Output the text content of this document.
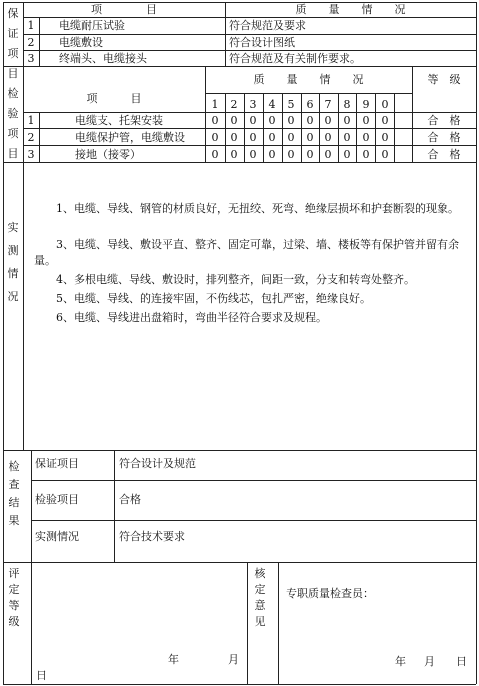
保证项目
项　　　　目	质　　量　　情　　况
1	电缆耐压试验	符合规范及要求
2	电缆敷设	符合设计图纸
3	终端头、电缆接头	符合规范及有关制作要求。
检验项目
项　　　目
质　　量　　情　　况	等　级
1	2	3	4	5	6	7	8	9	0
1	电缆支、托架安装	0	0	0	0	0	0	0	0	0	0	合　格
2	电缆保护管，电缆敷设	0	0	0	0	0	0	0	0	0	0	合　格
3	接地（接零）	0	0	0	0	0	0	0	0	0	0	合　格
实测情况
1、电缆、导线、钢管的材质良好，无扭绞、死弯、绝缘层损坏和护套断裂的现象。
3、电缆、导线、敷设平直、整齐、固定可靠，过梁、墙、楼板等有保护管并留有余量。
4、多根电缆、导线、敷设时，排列整齐，间距一致，分支和转弯处整齐。
5、电缆、导线、的连接牢固，不伤线芯，包扎严密，绝缘良好。
6、电缆、导线进出盘箱时，弯曲半径符合要求及规程。
检查结果
保证项目	符合设计及规范
检验项目	合格
实测情况	符合技术要求
评定等级
年	月
日
核定意见
专职质量检查员：
年 月 日
